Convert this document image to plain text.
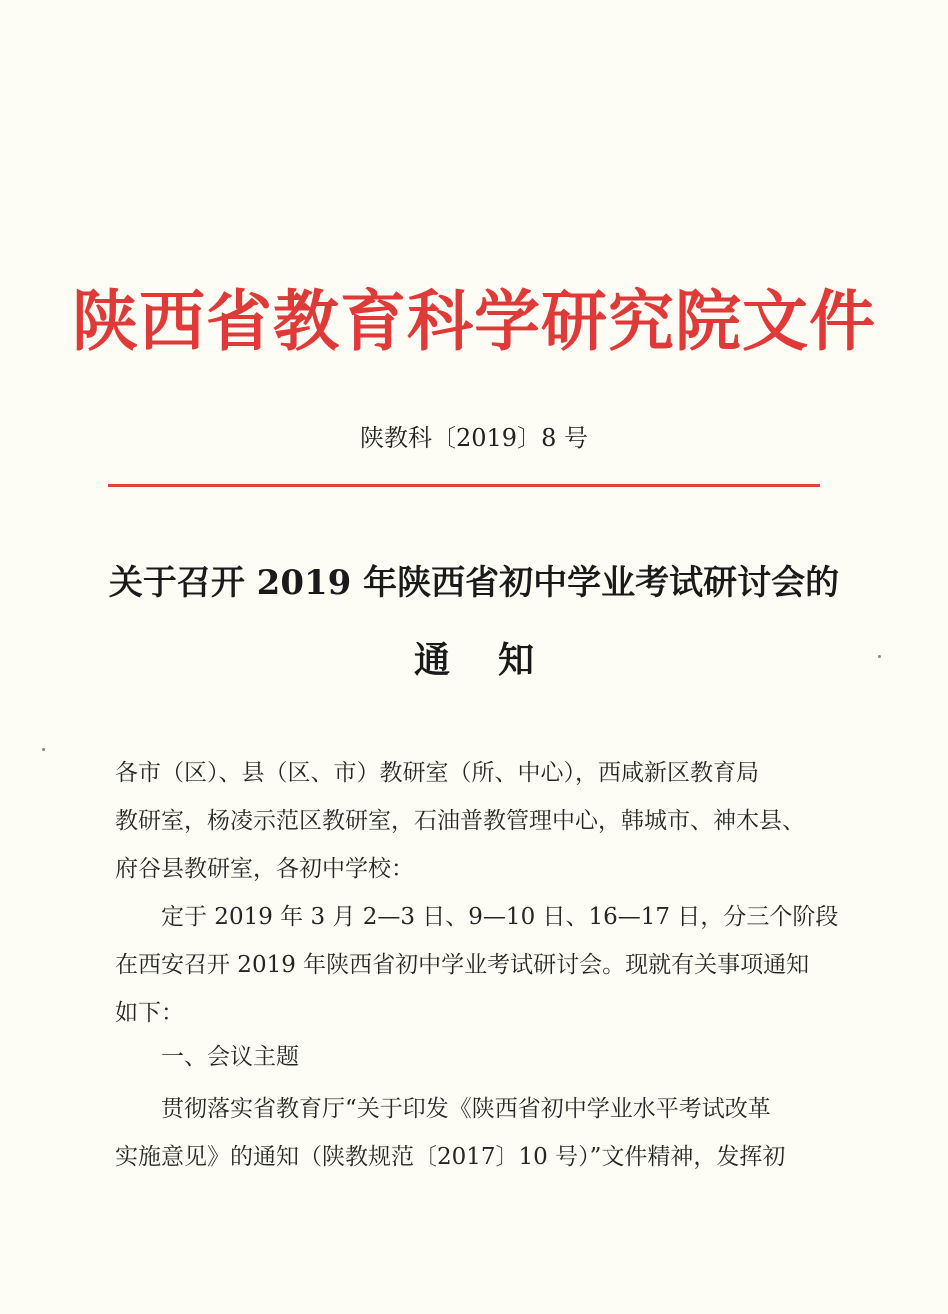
陕西省教育科学研究院文件
陕教科〔2019〕8 号
关于召开 2019 年陕西省初中学业考试研讨会的
通知
各市（区）、县（区、市）教研室（所、中心），西咸新区教育局
教研室，杨凌示范区教研室，石油普教管理中心，韩城市、神木县、
府谷县教研室，各初中学校：
定于 2019 年 3 月 2—3 日、9—10 日、16—17 日，分三个阶段
在西安召开 2019 年陕西省初中学业考试研讨会。现就有关事项通知
如下：
一、会议主题
贯彻落实省教育厅“关于印发《陕西省初中学业水平考试改革
实施意见》的通知（陕教规范〔2017〕10 号）”文件精神，发挥初
